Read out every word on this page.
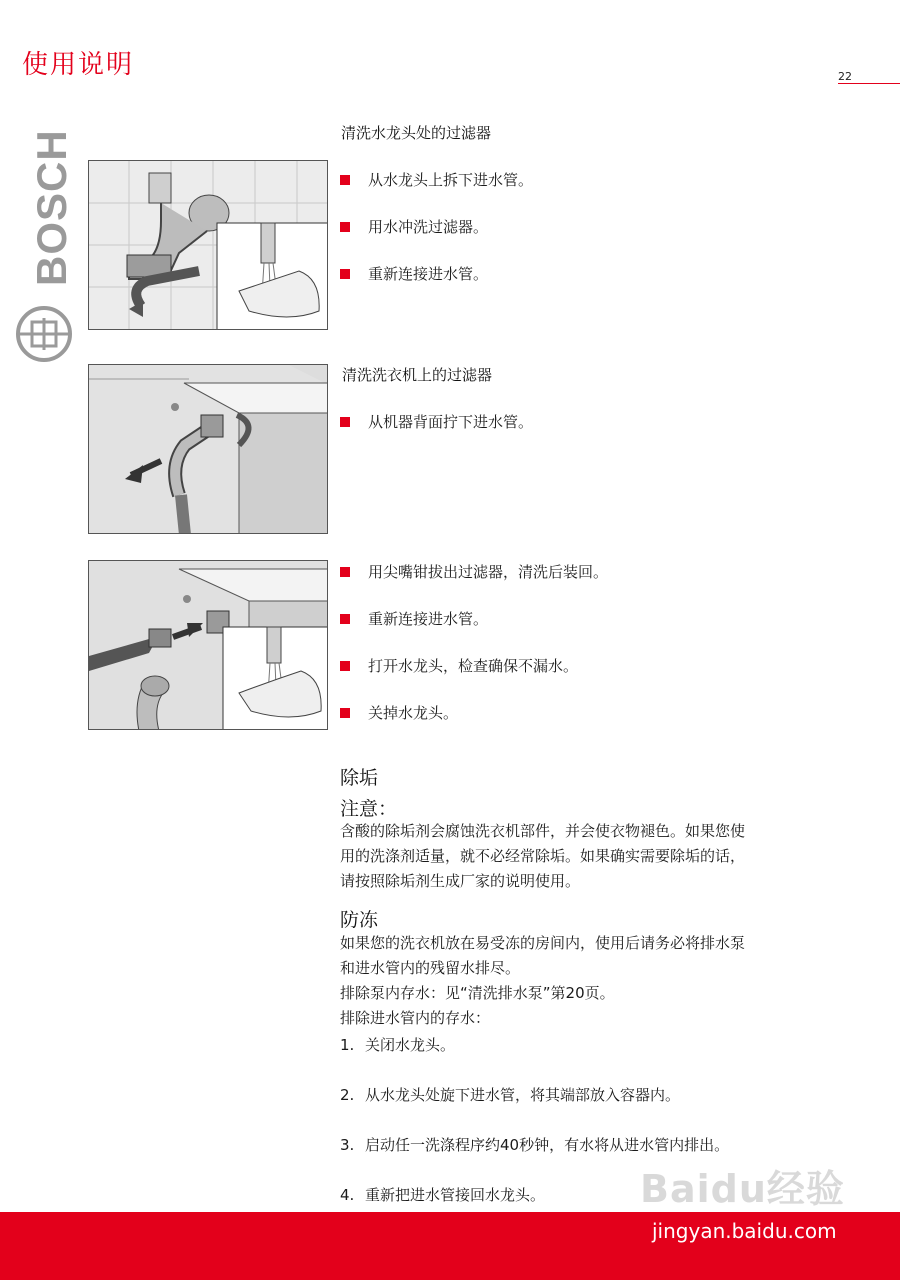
使用说明	22
BOSCH	清洗水龙头处的过滤器
从水龙头上拆下进水管。
用水冲洗过滤器。
重新连接进水管。
清洗洗衣机上的过滤器
从机器背面拧下进水管。
用尖嘴钳拔出过滤器，清洗后装回。
重新连接进水管。
打开水龙头，检查确保不漏水。
关掉水龙头。
除垢
注意：
含酸的除垢剂会腐蚀洗衣机部件，并会使衣物褪色。如果您使
用的洗涤剂适量，就不必经常除垢。如果确实需要除垢的话，
请按照除垢剂生成厂家的说明使用。
防冻
如果您的洗衣机放在易受冻的房间内，使用后请务必将排水泵
和进水管内的残留水排尽。
排除泵内存水：见“清洗排水泵”第20页。
排除进水管内的存水：
1. 关闭水龙头。
2. 从水龙头处旋下进水管，将其端部放入容器内。
3. 启动任一洗涤程序约40秒钟，有水将从进水管内排出。
4. 重新把进水管接回水龙头。	Baidu经验
jingyan.baidu.com
